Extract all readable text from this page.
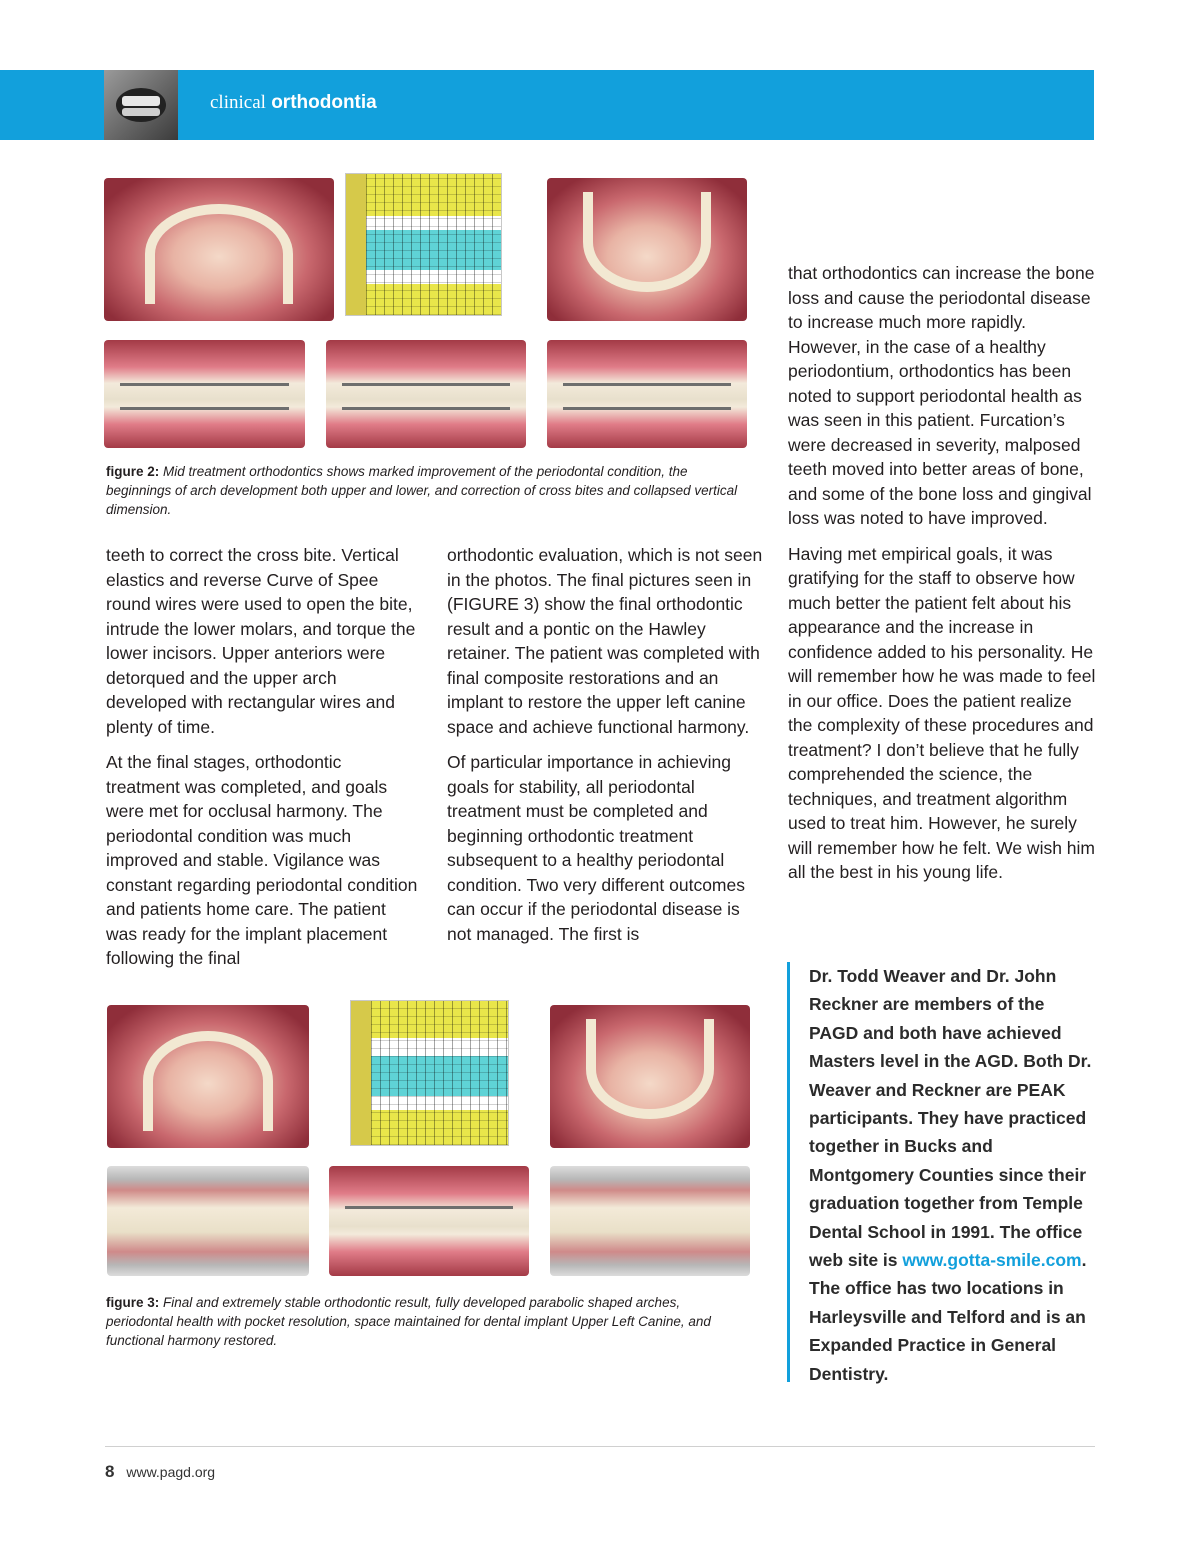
clinical orthodontia
figure 2: Mid treatment orthodontics shows marked improvement of the periodontal condition, the beginnings of arch development both upper and lower, and correction of cross bites and collapsed vertical dimension.

teeth to correct the cross bite. Vertical elastics and reverse Curve of Spee round wires were used to open the bite, intrude the lower molars, and torque the lower incisors. Upper anteriors were detorqued and the upper arch developed with rectangular wires and plenty of time.

At the final stages, orthodontic treatment was completed, and goals were met for occlusal harmony. The periodontal condition was much improved and stable. Vigilance was constant regarding periodontal condition and patients home care. The patient was ready for the implant placement following the final

orthodontic evaluation, which is not seen in the photos. The final pictures seen in (FIGURE 3) show the final orthodontic result and a pontic on the Hawley retainer. The patient was completed with final composite restorations and an implant to restore the upper left canine space and achieve functional harmony.

Of particular importance in achieving goals for stability, all periodontal treatment must be completed and beginning orthodontic treatment subsequent to a healthy periodontal condition. Two very different outcomes can occur if the periodontal disease is not managed. The first is

that orthodontics can increase the bone loss and cause the periodontal disease to increase much more rapidly. However, in the case of a healthy periodontium, orthodontics has been noted to support periodontal health as was seen in this patient. Furcation’s were decreased in severity, malposed teeth moved into better areas of bone, and some of the bone loss and gingival loss was noted to have improved.

Having met empirical goals, it was gratifying for the staff to observe how much better the patient felt about his appearance and the increase in confidence added to his personality. He will remember how he was made to feel in our office. Does the patient realize the complexity of these procedures and treatment? I don’t believe that he fully comprehended the science, the techniques, and treatment algorithm used to treat him. However, he surely will remember how he felt. We wish him all the best in his young life.

figure 3: Final and extremely stable orthodontic result, fully developed parabolic shaped arches, periodontal health with pocket resolution, space maintained for dental implant Upper Left Canine, and functional harmony restored.
Dr. Todd Weaver and Dr. John Reckner are members of the PAGD and both have achieved Masters level in the AGD. Both Dr. Weaver and Reckner are PEAK participants. They have practiced together in Bucks and Montgomery Counties since their graduation together from Temple Dental School in 1991. The office web site is www.gotta-smile.com. The office has two locations in Harleysville and Telford and is an Expanded Practice in General Dentistry.
8 www.pagd.org
